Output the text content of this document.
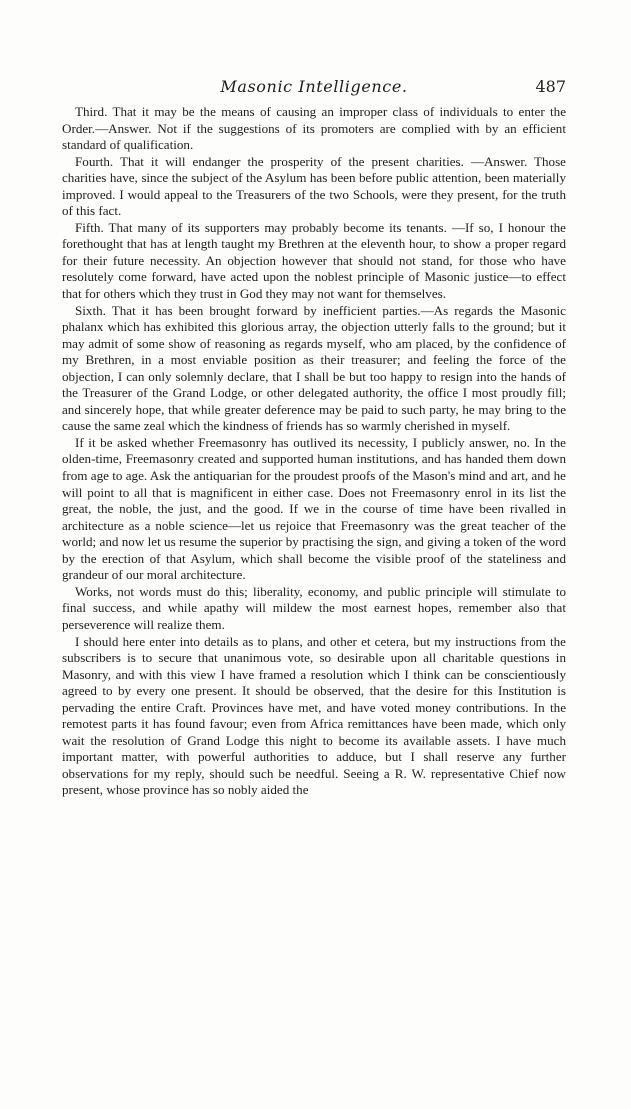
Masonic Intelligence.	487

Third. That it may be the means of causing an improper class of individuals to enter the Order.—Answer. Not if the suggestions of its promoters are complied with by an efficient standard of qualification.

Fourth. That it will endanger the prosperity of the present charities. —Answer. Those charities have, since the subject of the Asylum has been before public attention, been materially improved. I would appeal to the Treasurers of the two Schools, were they present, for the truth of this fact.

Fifth. That many of its supporters may probably become its tenants. —If so, I honour the forethought that has at length taught my Brethren at the eleventh hour, to show a proper regard for their future necessity. An objection however that should not stand, for those who have resolutely come forward, have acted upon the noblest principle of Masonic justice—to effect that for others which they trust in God they may not want for themselves.

Sixth. That it has been brought forward by inefficient parties.—As regards the Masonic phalanx which has exhibited this glorious array, the objection utterly falls to the ground; but it may admit of some show of reasoning as regards myself, who am placed, by the confidence of my Brethren, in a most enviable position as their treasurer; and feeling the force of the objection, I can only solemnly declare, that I shall be but too happy to resign into the hands of the Treasurer of the Grand Lodge, or other delegated authority, the office I most proudly fill; and sincerely hope, that while greater deference may be paid to such party, he may bring to the cause the same zeal which the kindness of friends has so warmly cherished in myself.

If it be asked whether Freemasonry has outlived its necessity, I publicly answer, no. In the olden-time, Freemasonry created and supported human institutions, and has handed them down from age to age. Ask the antiquarian for the proudest proofs of the Mason's mind and art, and he will point to all that is magnificent in either case. Does not Freemasonry enrol in its list the great, the noble, the just, and the good. If we in the course of time have been rivalled in architecture as a noble science—let us rejoice that Freemasonry was the great teacher of the world; and now let us resume the superior by practising the sign, and giving a token of the word by the erection of that Asylum, which shall become the visible proof of the stateliness and grandeur of our moral architecture.

Works, not words must do this; liberality, economy, and public principle will stimulate to final success, and while apathy will mildew the most earnest hopes, remember also that perseverence will realize them.

I should here enter into details as to plans, and other et cetera, but my instructions from the subscribers is to secure that unanimous vote, so desirable upon all charitable questions in Masonry, and with this view I have framed a resolution which I think can be conscientiously agreed to by every one present. It should be observed, that the desire for this Institution is pervading the entire Craft. Provinces have met, and have voted money contributions. In the remotest parts it has found favour; even from Africa remittances have been made, which only wait the resolution of Grand Lodge this night to become its available assets. I have much important matter, with powerful authorities to adduce, but I shall reserve any further observations for my reply, should such be needful. Seeing a R. W. representative Chief now present, whose province has so nobly aided the
